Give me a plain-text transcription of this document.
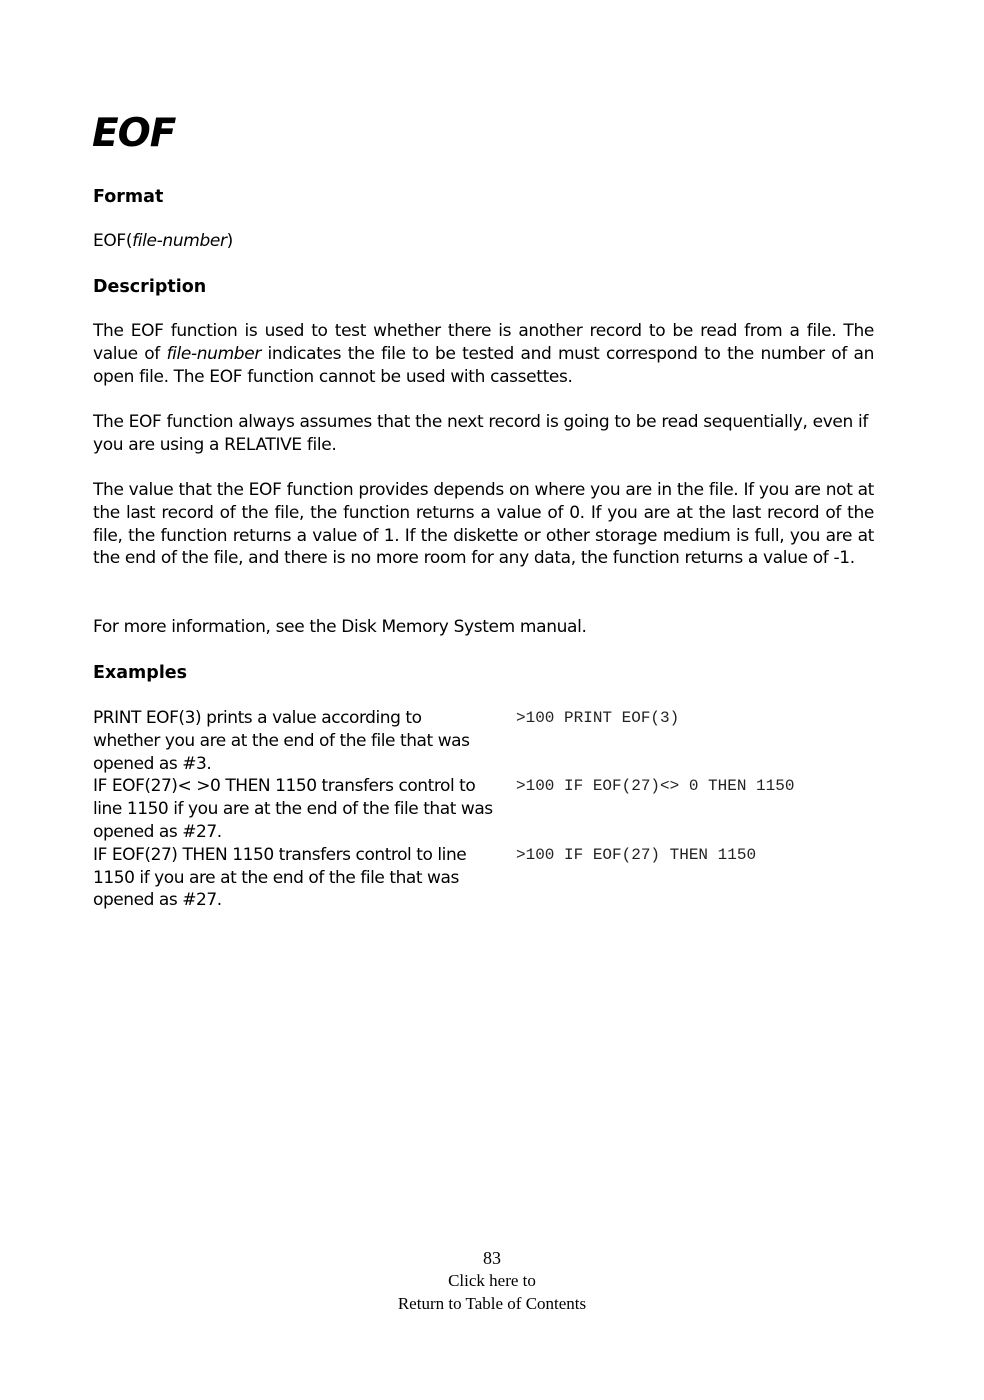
EOF
Format

EOF(file-number)

Description

The EOF function is used to test whether there is another record to be read from a file. The value of file-number indicates the file to be tested and must correspond to the number of an open file. The EOF function cannot be used with cassettes.

The EOF function always assumes that the next record is going to be read sequentially, even if you are using a RELATIVE file.

The value that the EOF function provides depends on where you are in the file. If you are not at the last record of the file, the function returns a value of 0. If you are at the last record of the file, the function returns a value of 1. If the diskette or other storage medium is full, you are at the end of the file, and there is no more room for any data, the function returns a value of -1.

For more information, see the Disk Memory System manual.

Examples
PRINT EOF(3) prints a value according to whether you are at the end of the file that was opened as #3.
>100 PRINT EOF(3)
IF EOF(27)< >0 THEN 1150 transfers control to line 1150 if you are at the end of the file that was opened as #27.
>100 IF EOF(27)<> 0 THEN 1150
IF EOF(27) THEN 1150 transfers control to line 1150 if you are at the end of the file that was opened as #27.
>100 IF EOF(27) THEN 1150
83
Click here to
Return to Table of Contents
